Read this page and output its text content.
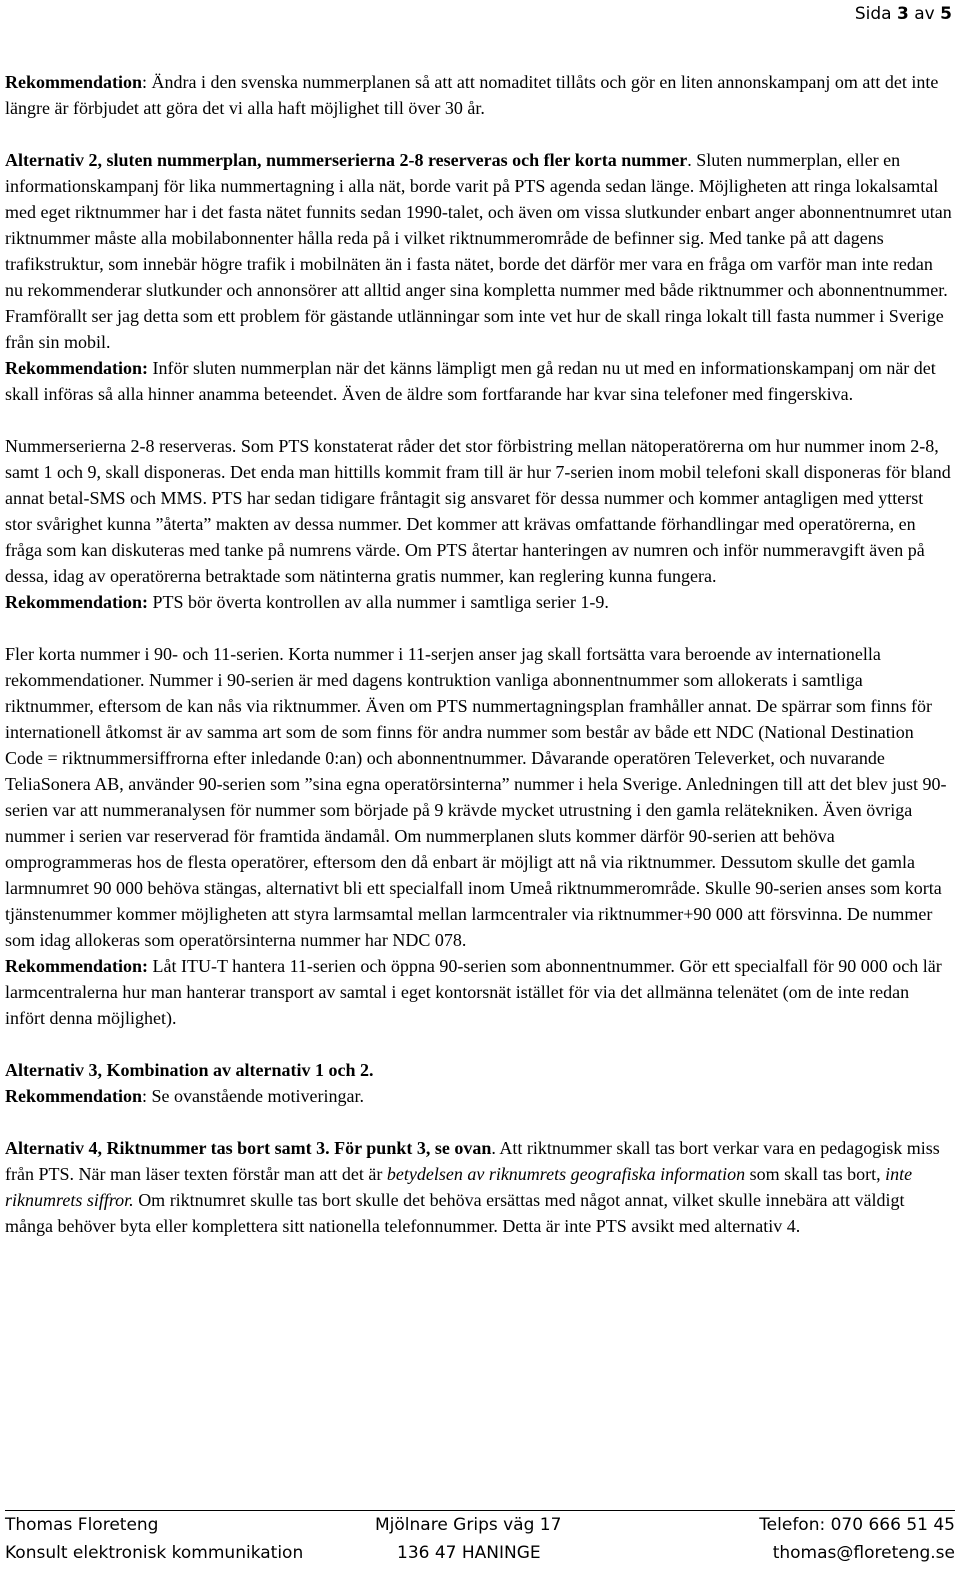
Sida 3 av 5

Rekommendation: Ändra i den svenska nummerplanen så att att nomaditet tillåts och gör en liten annonskampanj om att det inte längre är förbjudet att göra det vi alla haft möjlighet till över 30 år.

Alternativ 2, sluten nummerplan, nummerserierna 2-8 reserveras och fler korta nummer. Sluten nummerplan, eller en informationskampanj för lika nummertagning i alla nät, borde varit på PTS agenda sedan länge. Möjligheten att ringa lokalsamtal med eget riktnummer har i det fasta nätet funnits sedan 1990-talet, och även om vissa slutkunder enbart anger abonnentnumret utan riktnummer måste alla mobilabonnenter hålla reda på i vilket riktnummerområde de befinner sig. Med tanke på att dagens trafikstruktur, som innebär högre trafik i mobilnäten än i fasta nätet, borde det därför mer vara en fråga om varför man inte redan nu rekommenderar slutkunder och annonsörer att alltid anger sina kompletta nummer med både riktnummer och abonnentnummer. Framförallt ser jag detta som ett problem för gästande utlänningar som inte vet hur de skall ringa lokalt till fasta nummer i Sverige från sin mobil.

Rekommendation: Inför sluten nummerplan när det känns lämpligt men gå redan nu ut med en informationskampanj om när det skall införas så alla hinner anamma beteendet. Även de äldre som fortfarande har kvar sina telefoner med fingerskiva.

Nummerserierna 2-8 reserveras. Som PTS konstaterat råder det stor förbistring mellan nätoperatörerna om hur nummer inom 2-8, samt 1 och 9, skall disponeras. Det enda man hittills kommit fram till är hur 7-serien inom mobil telefoni skall disponeras för bland annat betal-SMS och MMS. PTS har sedan tidigare fråntagit sig ansvaret för dessa nummer och kommer antagligen med ytterst stor svårighet kunna ”återta” makten av dessa nummer. Det kommer att krävas omfattande förhandlingar med operatörerna, en fråga som kan diskuteras med tanke på numrens värde. Om PTS återtar hanteringen av numren och inför nummeravgift även på dessa, idag av operatörerna betraktade som nätinterna gratis nummer, kan reglering kunna fungera.

Rekommendation: PTS bör överta kontrollen av alla nummer i samtliga serier 1-9.

Fler korta nummer i 90- och 11-serien. Korta nummer i 11-serjen anser jag skall fortsätta vara beroende av internationella rekommendationer. Nummer i 90-serien är med dagens kontruktion vanliga abonnentnummer som allokerats i samtliga riktnummer, eftersom de kan nås via riktnummer. Även om PTS nummertagningsplan framhåller annat. De spärrar som finns för internationell åtkomst är av samma art som de som finns för andra nummer som består av både ett NDC (National Destination Code = riktnummersiffrorna efter inledande 0:an) och abonnentnummer. Dåvarande operatören Televerket, och nuvarande TeliaSonera AB, använder 90-serien som ”sina egna operatörsinterna” nummer i hela Sverige. Anledningen till att det blev just 90-serien var att nummeranalysen för nummer som började på 9 krävde mycket utrustning i den gamla relätekniken. Även övriga nummer i serien var reserverad för framtida ändamål. Om nummerplanen sluts kommer därför 90-serien att behöva omprogrammeras hos de flesta operatörer, eftersom den då enbart är möjligt att nå via riktnummer. Dessutom skulle det gamla larmnumret 90 000 behöva stängas, alternativt bli ett specialfall inom Umeå riktnummerområde. Skulle 90-serien anses som korta tjänstenummer kommer möjligheten att styra larmsamtal mellan larmcentraler via riktnummer+90 000 att försvinna. De nummer som idag allokeras som operatörsinterna nummer har NDC 078.

Rekommendation: Låt ITU-T hantera 11-serien och öppna 90-serien som abonnentnummer. Gör ett specialfall för 90 000 och lär larmcentralerna hur man hanterar transport av samtal i eget kontorsnät istället för via det allmänna telenätet (om de inte redan infört denna möjlighet).

Alternativ 3, Kombination av alternativ 1 och 2.

Rekommendation: Se ovanstående motiveringar.

Alternativ 4, Riktnummer tas bort samt 3. För punkt 3, se ovan. Att riktnummer skall tas bort verkar vara en pedagogisk miss från PTS. När man läser texten förstår man att det är betydelsen av riknumrets geografiska information som skall tas bort, inte riknumrets siffror. Om riktnumret skulle tas bort skulle det behöva ersättas med något annat, vilket skulle innebära att väldigt många behöver byta eller komplettera sitt nationella telefonnummer. Detta är inte PTS avsikt med alternativ 4.

Thomas Floreteng	Mjölnare Grips väg 17	Telefon: 070 666 51 45
Konsult elektronisk kommunikation	136 47 HANINGE	thomas@floreteng.se
